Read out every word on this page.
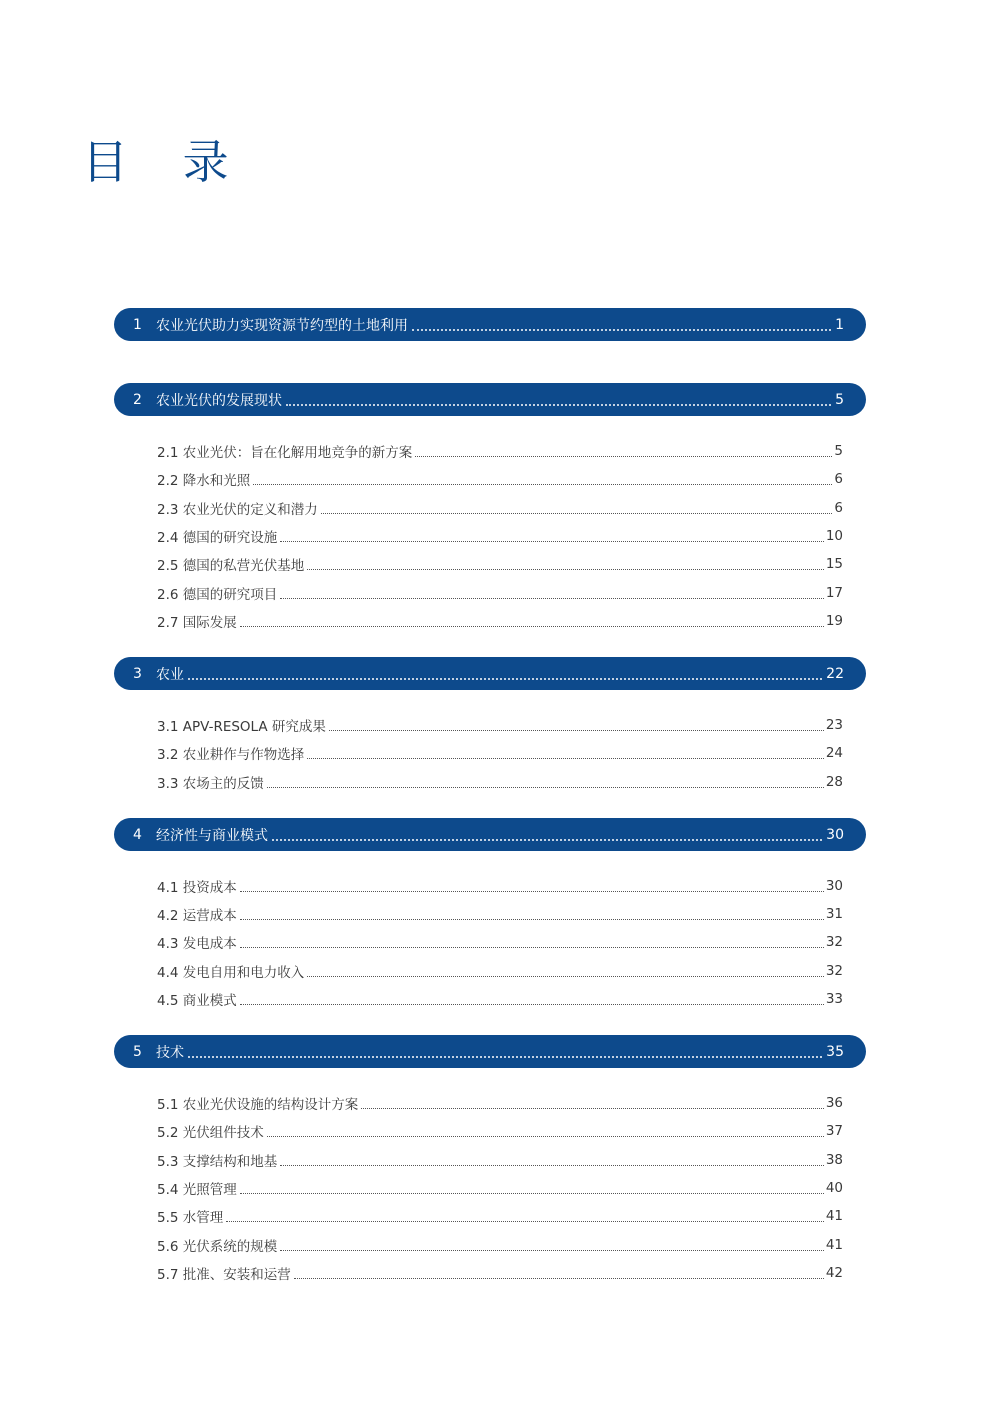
目 录
1	农业光伏助力实现资源节约型的土地利用	1
2	农业光伏的发展现状	5
2.1 农业光伏：旨在化解用地竞争的新方案	5
2.2 降水和光照	6
2.3 农业光伏的定义和潜力	6
2.4 德国的研究设施	10
2.5 德国的私营光伏基地	15
2.6 德国的研究项目	17
2.7 国际发展	19
3	农业	22
3.1 APV-RESOLA 研究成果	23
3.2 农业耕作与作物选择	24
3.3 农场主的反馈	28
4	经济性与商业模式	30
4.1 投资成本	30
4.2 运营成本	31
4.3 发电成本	32
4.4 发电自用和电力收入	32
4.5 商业模式	33
5	技术	35
5.1 农业光伏设施的结构设计方案	36
5.2 光伏组件技术	37
5.3 支撑结构和地基	38
5.4 光照管理	40
5.5 水管理	41
5.6 光伏系统的规模	41
5.7 批准、安装和运营	42
